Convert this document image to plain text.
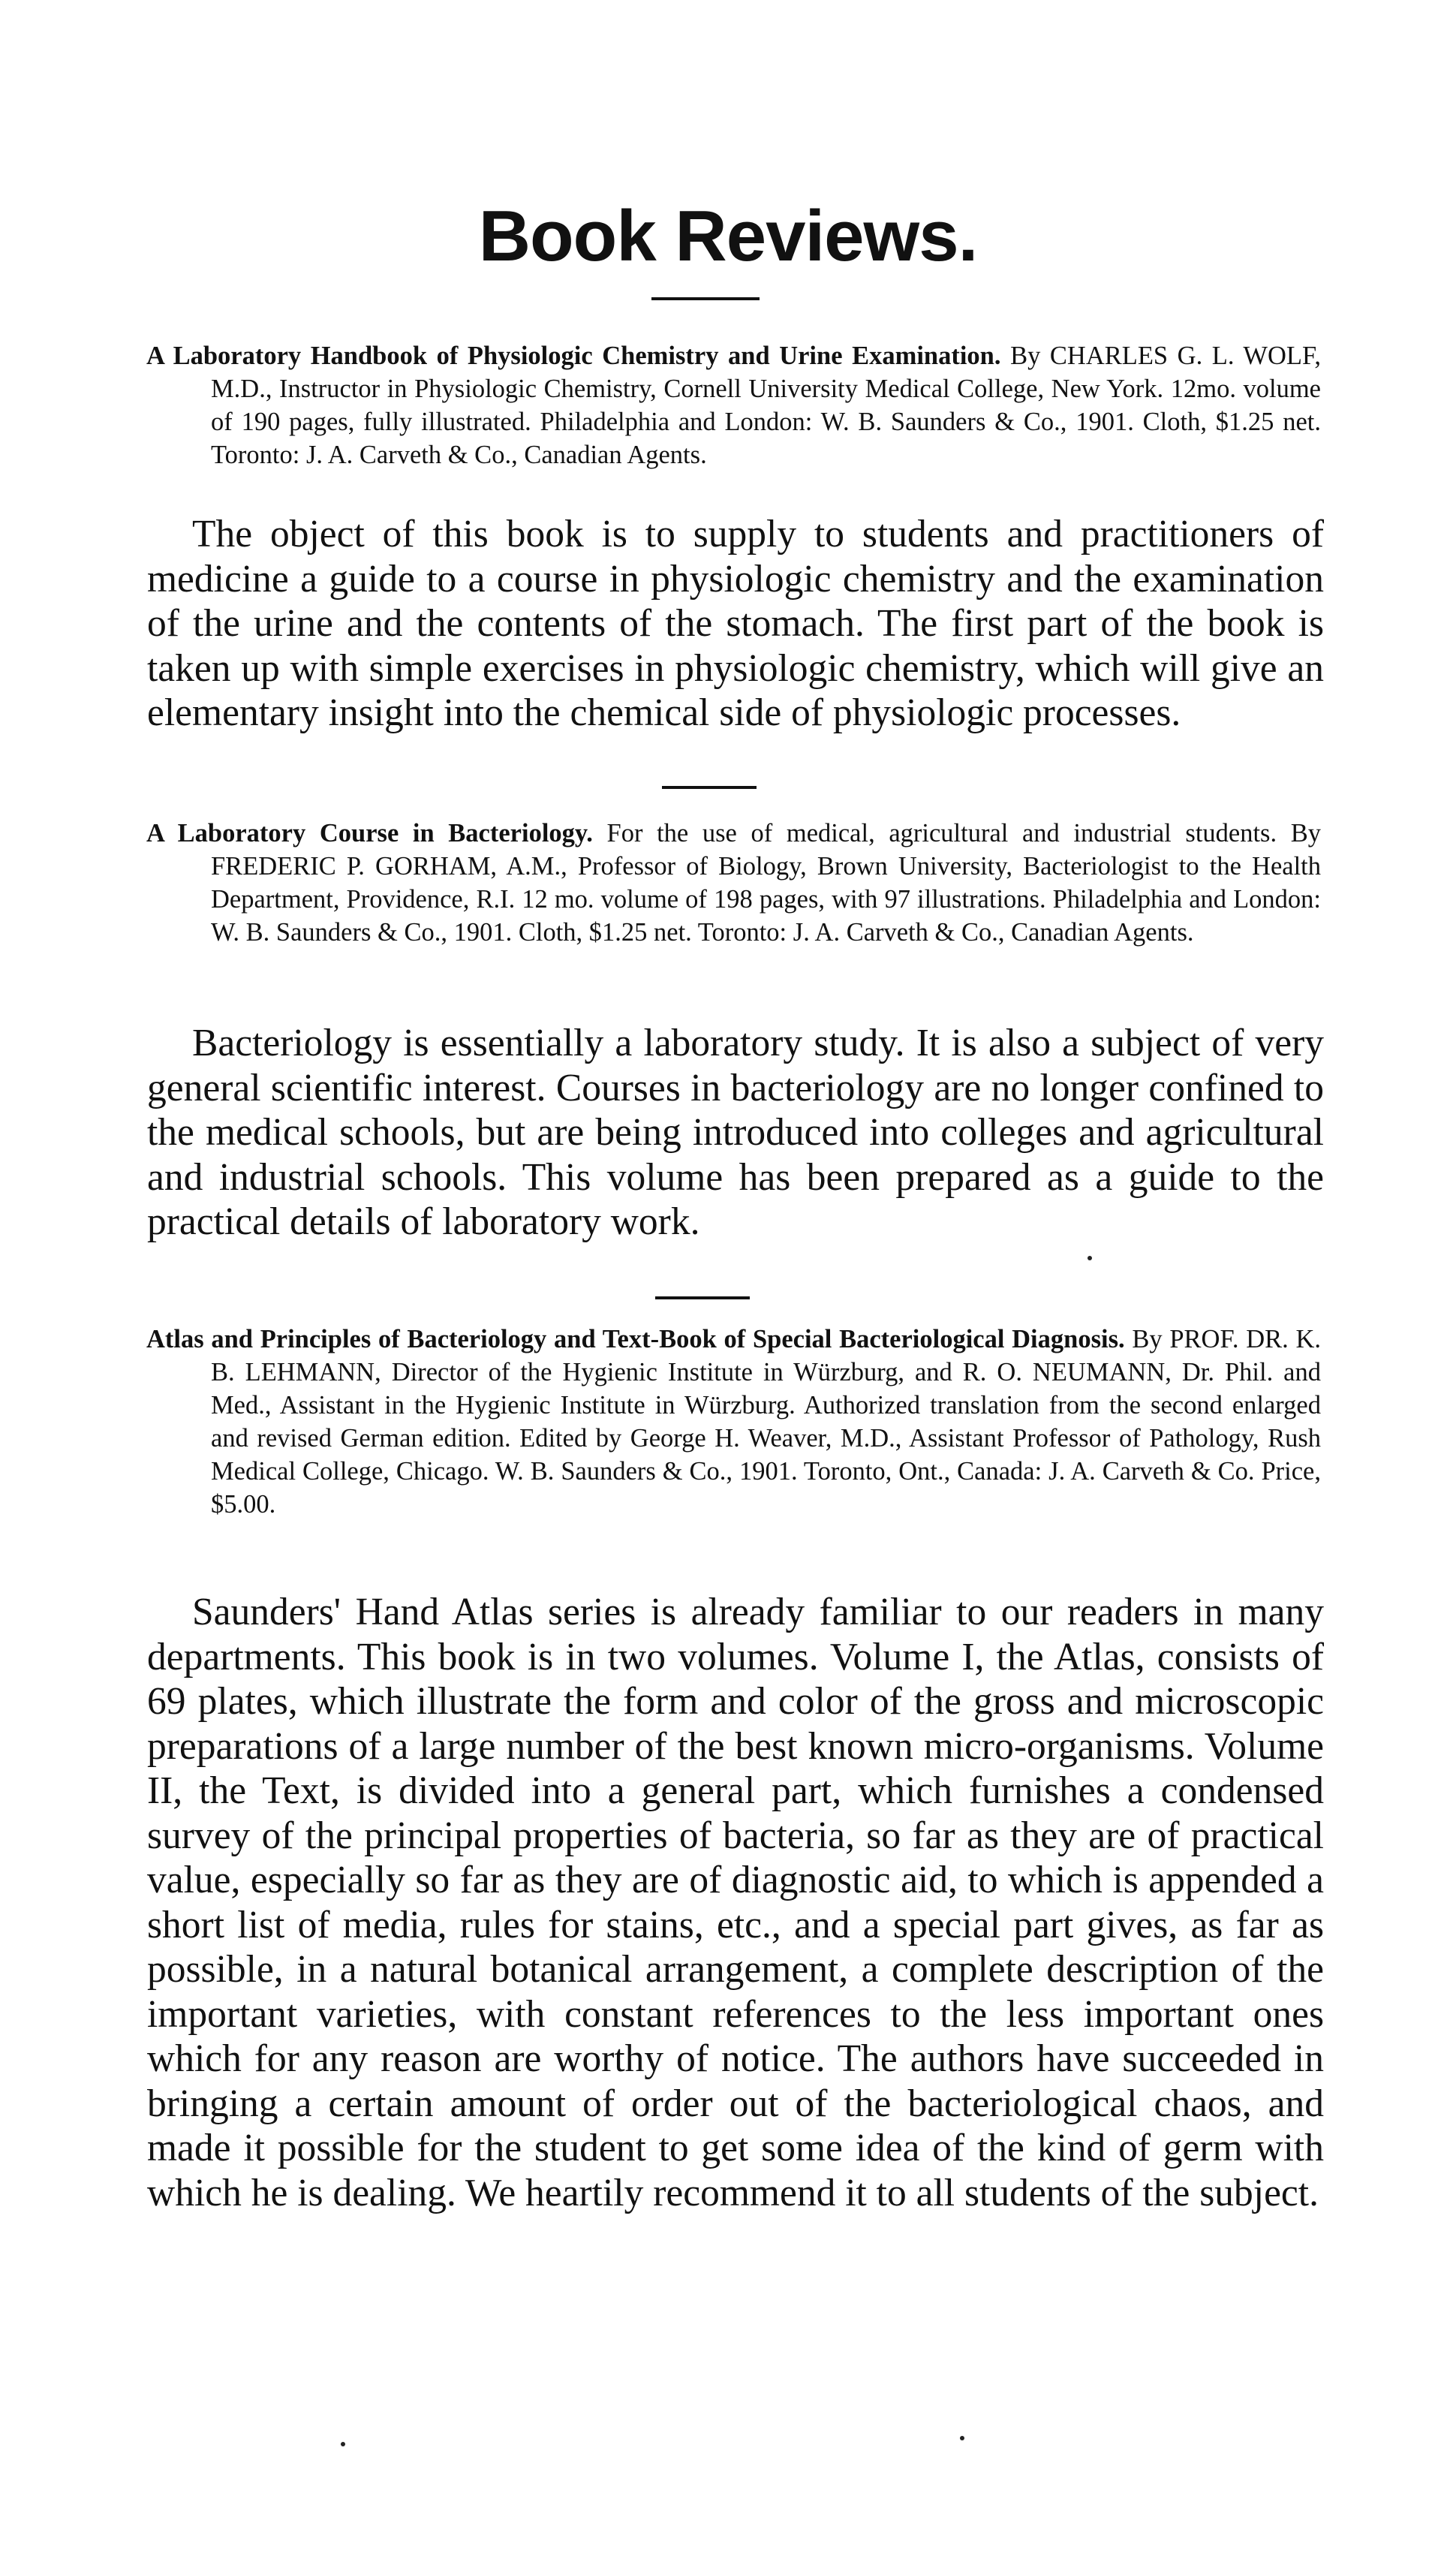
Book Reviews.
A Laboratory Handbook of Physiologic Chemistry and Urine Examination. By CHARLES G. L. WOLF, M.D., Instructor in Physiologic Chemistry, Cornell University Medical College, New York. 12mo. volume of 190 pages, fully illustrated. Philadelphia and London: W. B. Saunders & Co., 1901. Cloth, $1.25 net. Toronto: J. A. Carveth & Co., Canadian Agents.

The object of this book is to supply to students and practitioners of medicine a guide to a course in physiologic chemistry and the examination of the urine and the contents of the stomach. The first part of the book is taken up with simple exercises in physiologic chemistry, which will give an elementary insight into the chemical side of physiologic processes.

A Laboratory Course in Bacteriology. For the use of medical, agricultural and industrial students. By FREDERIC P. GORHAM, A.M., Professor of Biology, Brown University, Bacteriologist to the Health Department, Providence, R.I. 12 mo. volume of 198 pages, with 97 illustrations. Philadelphia and London: W. B. Saunders & Co., 1901. Cloth, $1.25 net. Toronto: J. A. Carveth & Co., Canadian Agents.

Bacteriology is essentially a laboratory study. It is also a subject of very general scientific interest. Courses in bacteriology are no longer confined to the medical schools, but are being introduced into colleges and agricultural and industrial schools. This volume has been prepared as a guide to the practical details of laboratory work.

Atlas and Principles of Bacteriology and Text-Book of Special Bacteriological Diagnosis. By PROF. DR. K. B. LEHMANN, Director of the Hygienic Institute in Würzburg, and R. O. NEUMANN, Dr. Phil. and Med., Assistant in the Hygienic Institute in Würzburg. Authorized translation from the second enlarged and revised German edition. Edited by George H. Weaver, M.D., Assistant Professor of Pathology, Rush Medical College, Chicago. W. B. Saunders & Co., 1901. Toronto, Ont., Canada: J. A. Carveth & Co. Price, $5.00.

Saunders' Hand Atlas series is already familiar to our readers in many departments. This book is in two volumes. Volume I, the Atlas, consists of 69 plates, which illustrate the form and color of the gross and microscopic preparations of a large number of the best known micro-organisms. Volume II, the Text, is divided into a general part, which furnishes a condensed survey of the principal properties of bacteria, so far as they are of practical value, especially so far as they are of diagnostic aid, to which is appended a short list of media, rules for stains, etc., and a special part gives, as far as possible, in a natural botanical arrangement, a complete description of the important varieties, with constant references to the less important ones which for any reason are worthy of notice. The authors have succeeded in bringing a certain amount of order out of the bacteriological chaos, and made it possible for the student to get some idea of the kind of germ with which he is dealing. We heartily recommend it to all students of the subject.
